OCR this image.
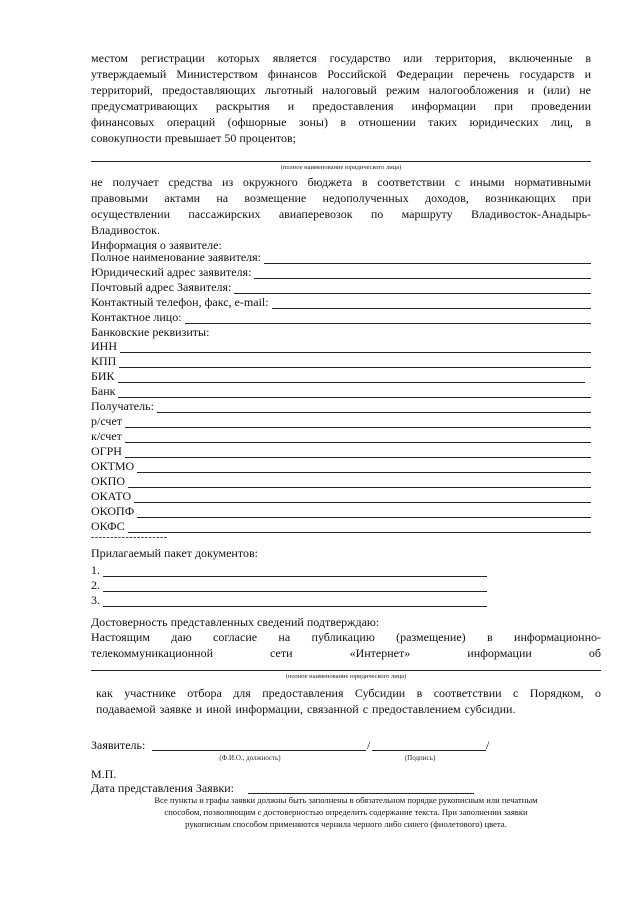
местом регистрации которых является государство или территория, включенные в
утверждаемый Министерством финансов Российской Федерации перечень государств и
территорий, предоставляющих льготный налоговый режим налогообложения и (или) не
предусматривающих раскрытия и предоставления информации при проведении
финансовых операций (офшорные зоны) в отношении таких юридических лиц, в
совокупности превышает 50 процентов;
(полное наименование юридического лица)
не получает средства из окружного бюджета в соответствии с иными нормативными
правовыми актами на возмещение недополученных доходов, возникающих при
осуществлении пассажирских авиаперевозок по маршруту Владивосток-Анадырь-
Владивосток.
Информация о заявителе:
Полное наименование заявителя:
Юридический адрес заявителя:
Почтовый адрес Заявителя:
Контактный телефон, факс, e-mail:
Контактное лицо:
Банковские реквизиты:
ИНН
КПП
БИК
Банк
Получатель:
р/счет
к/счет
ОГРН
ОКТМО
ОКПО
ОКАТО
ОКОПФ
ОКФС
--------------------
Прилагаемый пакет документов:
1.
2.
3.
Достоверность представленных сведений подтверждаю:
Настоящим даю согласие на публикацию (размещение) в информационно-
телекоммуникационной сети «Интернет» информации об
(полное наименование юридического лица)
как участнике отбора для предоставления Субсидии в соответствии с Порядком, о
подаваемой заявке и иной информации, связанной с предоставлением субсидии.
Заявитель:	/	/
(Ф.И.О., должность)	(Подпись)
М.П.
Дата представления Заявки:
Все пункты и графы заявки должны быть заполнены в обязательном порядке рукописным или печатным
способом, позволяющим с достоверностью определить содержание текста. При заполнении заявки
рукописным способом применяются чернила черного либо синего (фиолетового) цвета.
